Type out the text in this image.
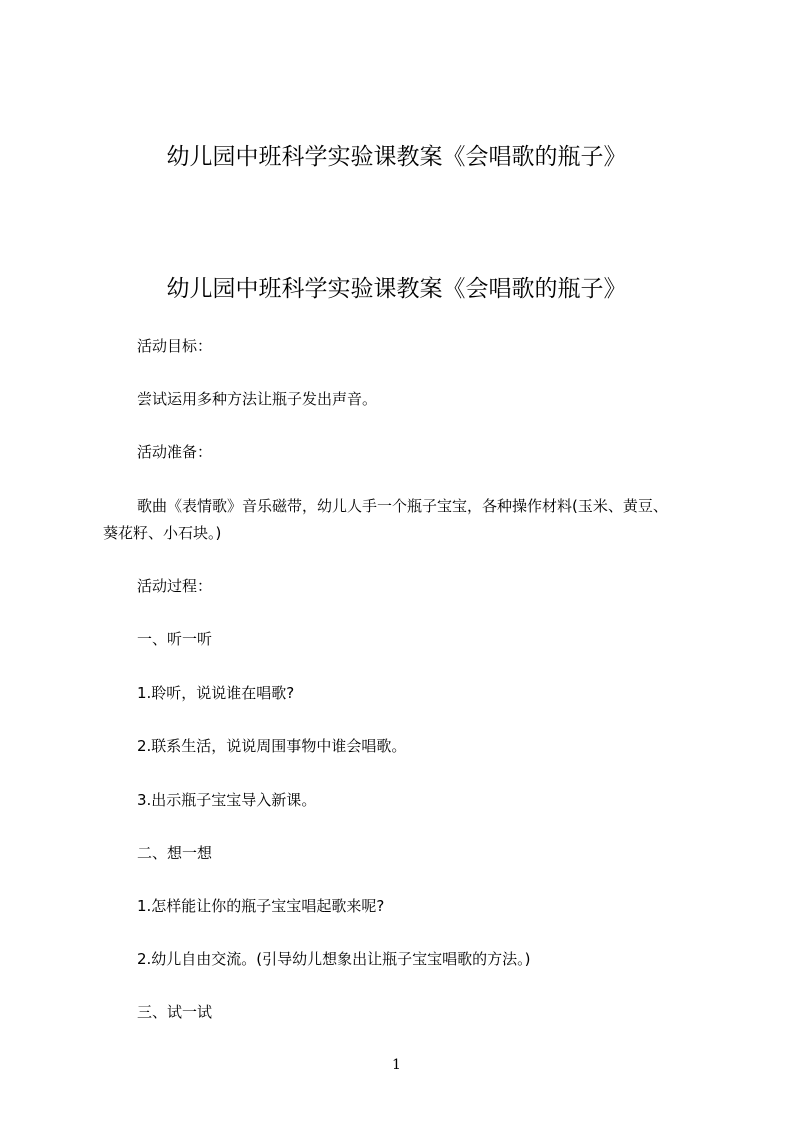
幼儿园中班科学实验课教案《会唱歌的瓶子》
幼儿园中班科学实验课教案《会唱歌的瓶子》
活动目标：
尝试运用多种方法让瓶子发出声音。
活动准备：
歌曲《表情歌》音乐磁带，幼儿人手一个瓶子宝宝，各种操作材料(玉米、黄豆、
葵花籽、小石块。)
活动过程：
一、听一听
1.聆听，说说谁在唱歌?
2.联系生活，说说周围事物中谁会唱歌。
3.出示瓶子宝宝导入新课。
二、想一想
1.怎样能让你的瓶子宝宝唱起歌来呢?
2.幼儿自由交流。(引导幼儿想象出让瓶子宝宝唱歌的方法。)
三、试一试
1
